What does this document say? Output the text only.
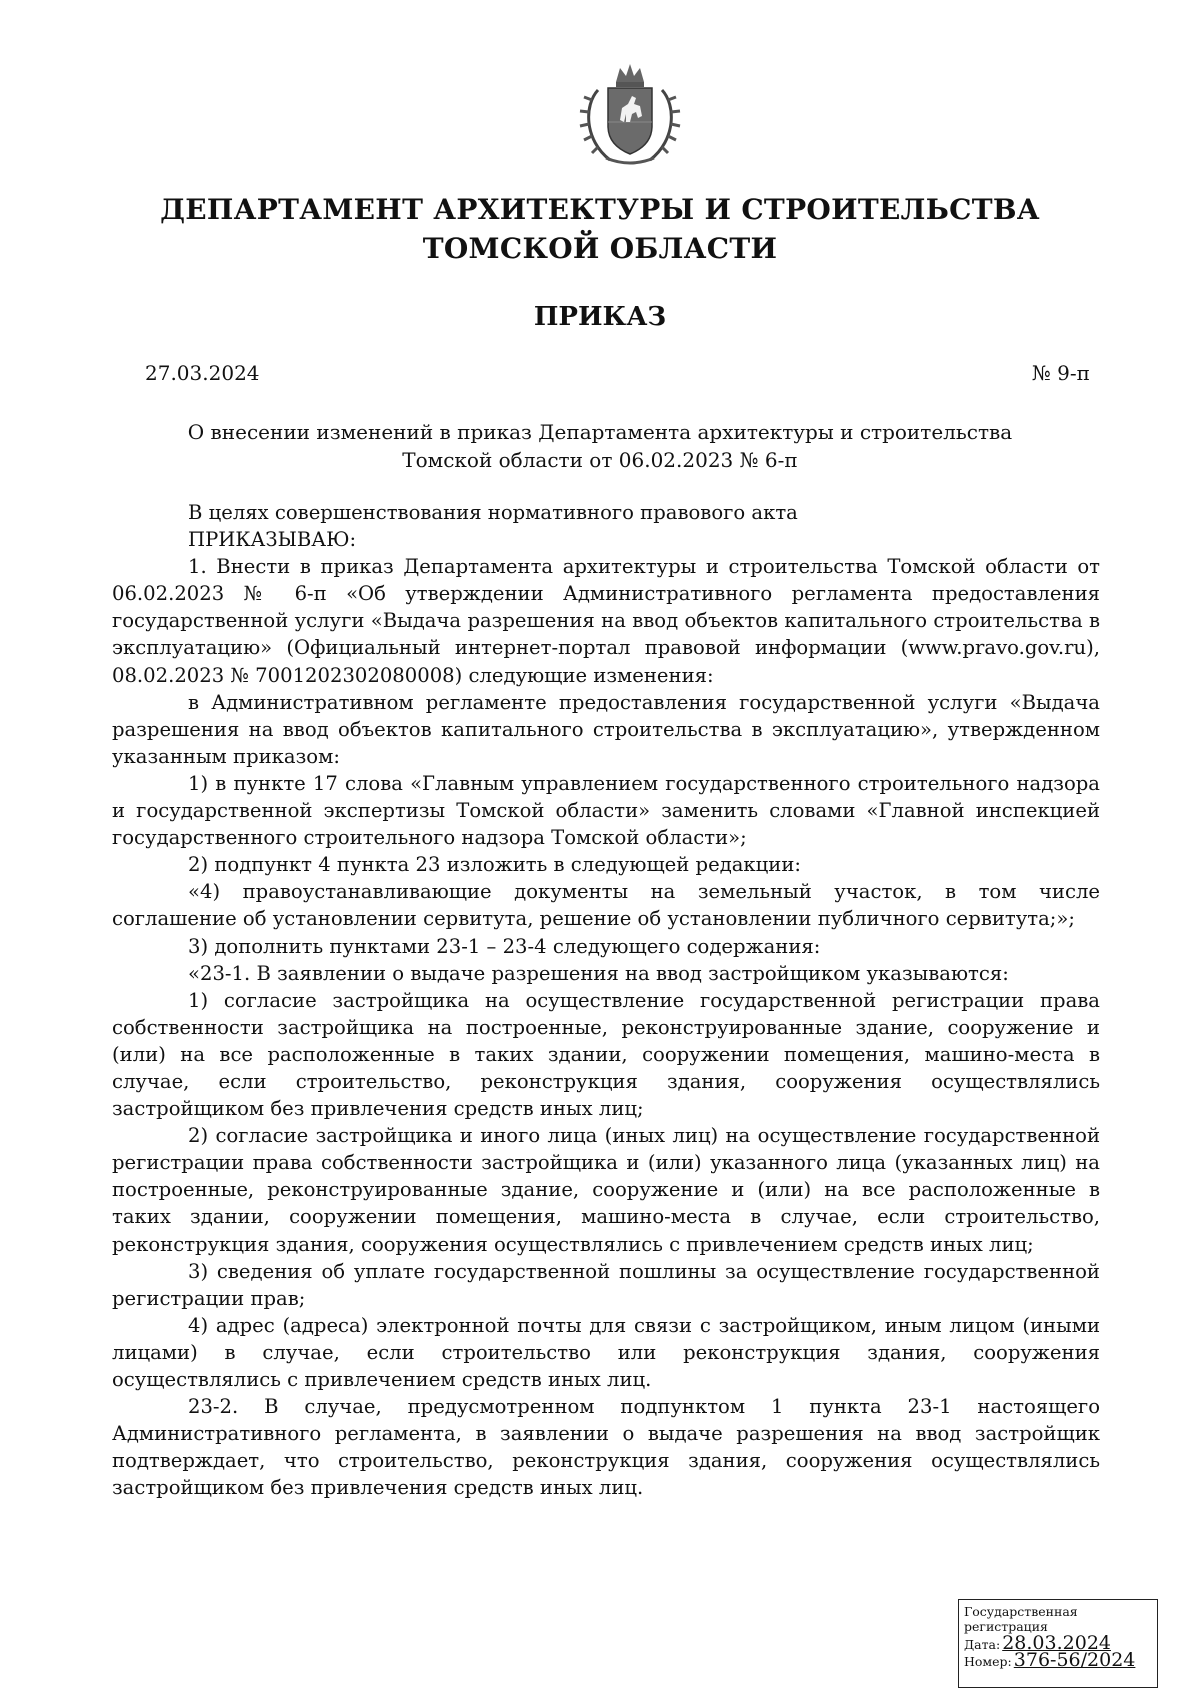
ДЕПАРТАМЕНТ АРХИТЕКТУРЫ И СТРОИТЕЛЬСТВА
ТОМСКОЙ ОБЛАСТИ
ПРИКАЗ
27.03.2024	№ 9-п
О внесении изменений в приказ Департамента архитектуры и строительства
Томской области от 06.02.2023 № 6-п

В целях совершенствования нормативного правового акта

ПРИКАЗЫВАЮ:

1. Внести в приказ Департамента архитектуры и строительства Томской области от 06.02.2023 № 6-п «Об утверждении Административного регламента предоставления государственной услуги «Выдача разрешения на ввод объектов капитального строительства в эксплуатацию» (Официальный интернет-портал правовой информации (www.pravo.gov.ru), 08.02.2023 № 7001202302080008) следующие изменения:

в Административном регламенте предоставления государственной услуги «Выдача разрешения на ввод объектов капитального строительства в эксплуатацию», утвержденном указанным приказом:

1) в пункте 17 слова «Главным управлением государственного строительного надзора и государственной экспертизы Томской области» заменить словами «Главной инспекцией государственного строительного надзора Томской области»;

2) подпункт 4 пункта 23 изложить в следующей редакции:

«4) правоустанавливающие документы на земельный участок, в том числе соглашение об установлении сервитута, решение об установлении публичного сервитута;»;

3) дополнить пунктами 23-1 – 23-4 следующего содержания:

«23-1. В заявлении о выдаче разрешения на ввод застройщиком указываются:

1) согласие застройщика на осуществление государственной регистрации права собственности застройщика на построенные, реконструированные здание, сооружение и (или) на все расположенные в таких здании, сооружении помещения, машино-места в случае, если строительство, реконструкция здания, сооружения осуществлялись застройщиком без привлечения средств иных лиц;

2) согласие застройщика и иного лица (иных лиц) на осуществление государственной регистрации права собственности застройщика и (или) указанного лица (указанных лиц) на построенные, реконструированные здание, сооружение и (или) на все расположенные в таких здании, сооружении помещения, машино-места в случае, если строительство, реконструкция здания, сооружения осуществлялись с привлечением средств иных лиц;

3) сведения об уплате государственной пошлины за осуществление государственной регистрации прав;

4) адрес (адреса) электронной почты для связи с застройщиком, иным лицом (иными лицами) в случае, если строительство или реконструкция здания, сооружения осуществлялись с привлечением средств иных лиц.

23-2. В случае, предусмотренном подпунктом 1 пункта 23-1 настоящего Административного регламента, в заявлении о выдаче разрешения на ввод застройщик подтверждает, что строительство, реконструкция здания, сооружения осуществлялись застройщиком без привлечения средств иных лиц.

Государственная регистрация
Дата: 28.03.2024
Номер: 376-56/2024
